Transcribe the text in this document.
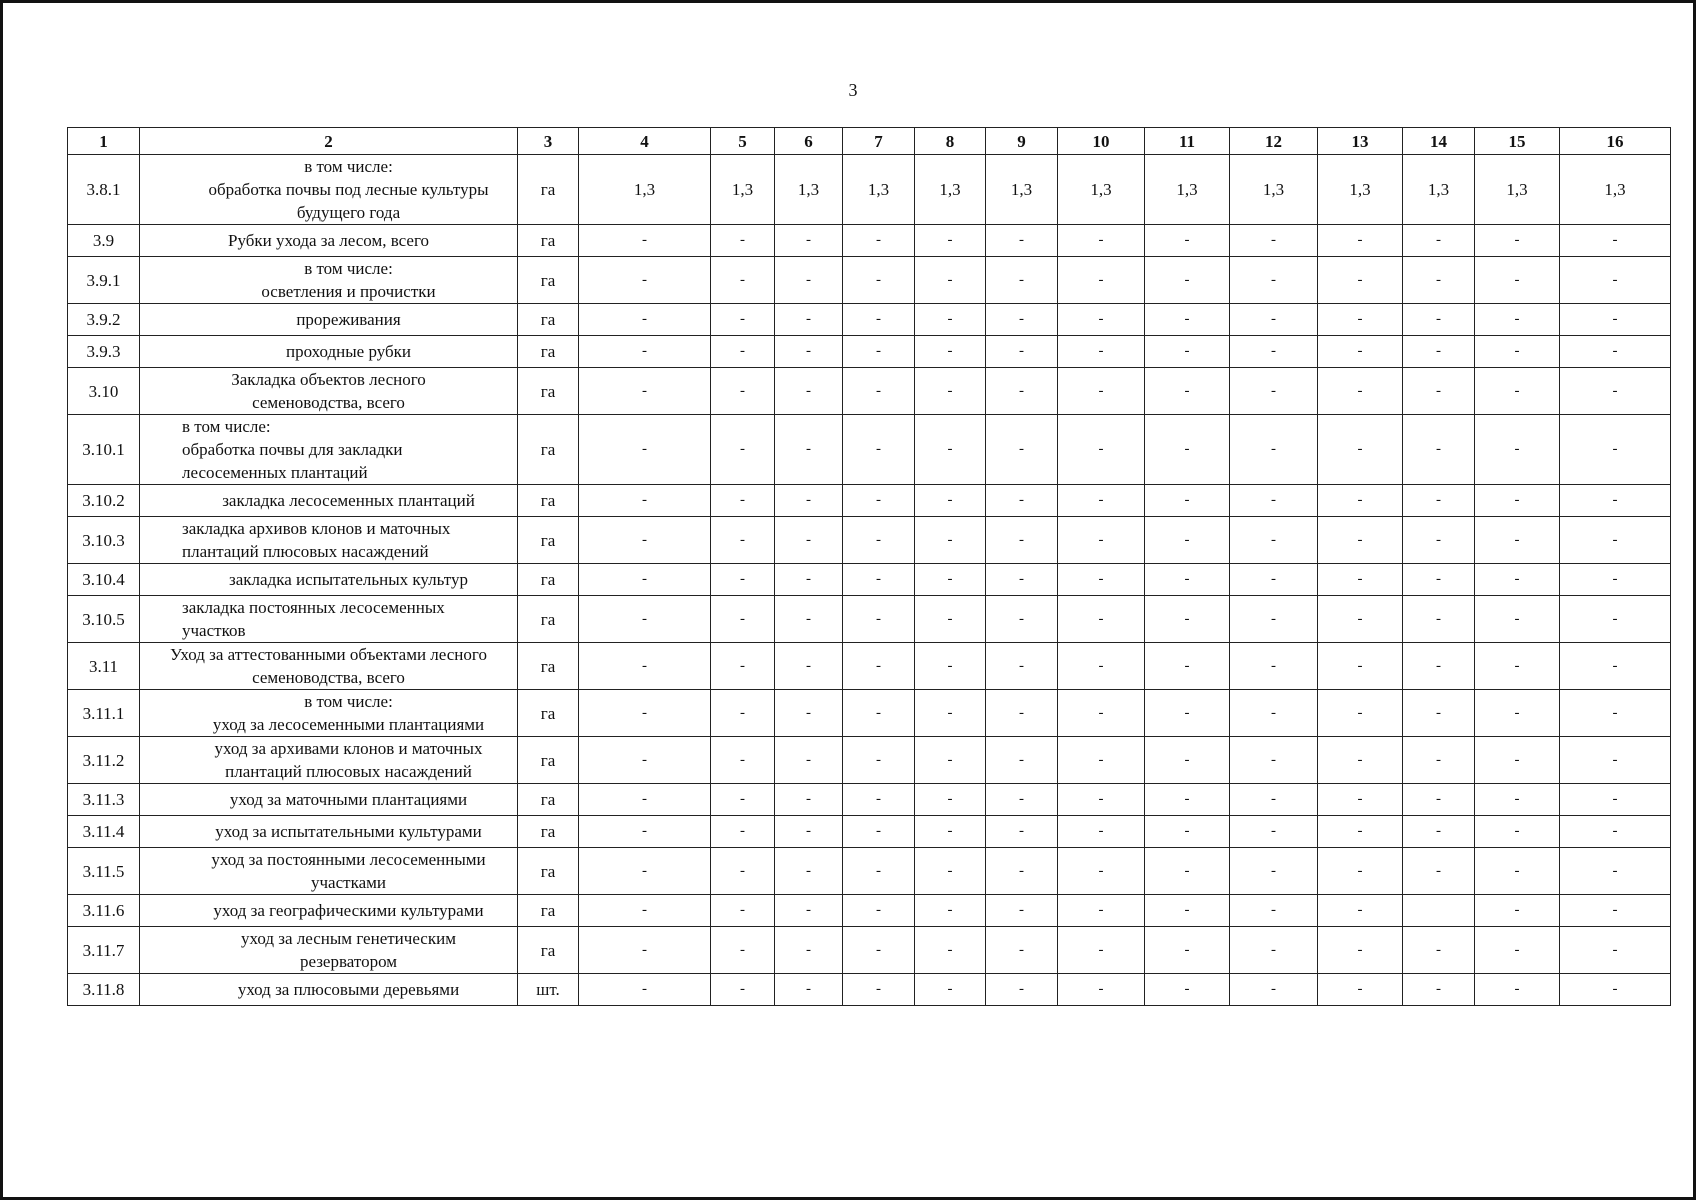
3
1	2	3	4	5	6	7	8	9	10	11	12	13	14	15	16
3.8.1	в том числе:
обработка почвы под лесные культуры
будущего года	га	1,3	1,3	1,3	1,3	1,3	1,3	1,3	1,3	1,3	1,3	1,3	1,3	1,3
3.9	Рубки ухода за лесом, всего	га	-	-	-	-	-	-	-	-	-	-	-	-	-
3.9.1	в том числе:
осветления и прочистки	га	-	-	-	-	-	-	-	-	-	-	-	-	-
3.9.2	прореживания	га	-	-	-	-	-	-	-	-	-	-	-	-	-
3.9.3	проходные рубки	га	-	-	-	-	-	-	-	-	-	-	-	-	-
3.10	Закладка объектов лесного
семеноводства, всего	га	-	-	-	-	-	-	-	-	-	-	-	-	-
3.10.1	в том числе:
обработка почвы для закладки
лесосеменных плантаций	га	-	-	-	-	-	-	-	-	-	-	-	-	-
3.10.2	закладка лесосеменных плантаций	га	-	-	-	-	-	-	-	-	-	-	-	-	-
3.10.3	закладка архивов клонов и маточных
плантаций плюсовых насаждений	га	-	-	-	-	-	-	-	-	-	-	-	-	-
3.10.4	закладка испытательных культур	га	-	-	-	-	-	-	-	-	-	-	-	-	-
3.10.5	закладка постоянных лесосеменных
участков	га	-	-	-	-	-	-	-	-	-	-	-	-	-
3.11	Уход за аттестованными объектами лесного
семеноводства, всего	га	-	-	-	-	-	-	-	-	-	-	-	-	-
3.11.1	в том числе:
уход за лесосеменными плантациями	га	-	-	-	-	-	-	-	-	-	-	-	-	-
3.11.2	уход за архивами клонов и маточных
плантаций плюсовых насаждений	га	-	-	-	-	-	-	-	-	-	-	-	-	-
3.11.3	уход за маточными плантациями	га	-	-	-	-	-	-	-	-	-	-	-	-	-
3.11.4	уход за испытательными культурами	га	-	-	-	-	-	-	-	-	-	-	-	-	-
3.11.5	уход за постоянными лесосеменными
участками	га	-	-	-	-	-	-	-	-	-	-	-	-	-
3.11.6	уход за географическими культурами	га	-	-	-	-	-	-	-	-	-	-		-	-
3.11.7	уход за лесным генетическим
резерватором	га	-	-	-	-	-	-	-	-	-	-	-	-	-
3.11.8	уход за плюсовыми деревьями	шт.	-	-	-	-	-	-	-	-	-	-	-	-	-
